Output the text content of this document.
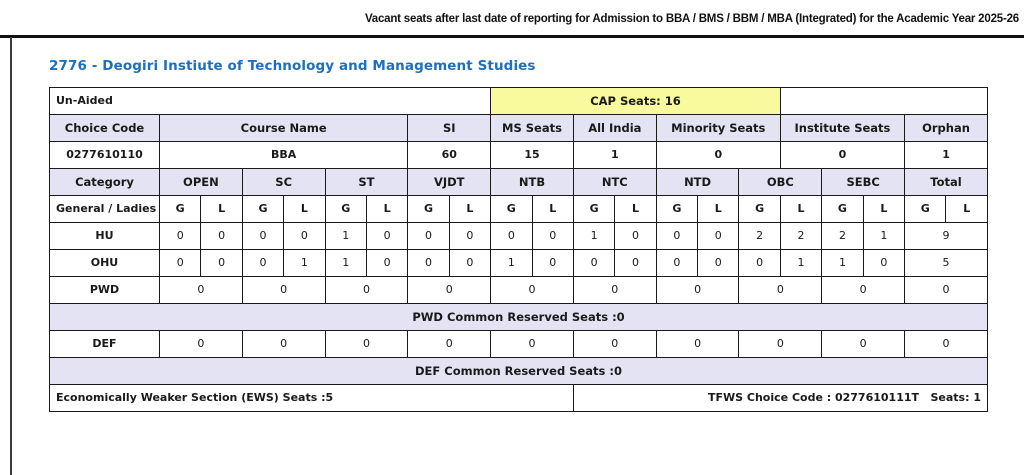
Vacant seats after last date of reporting for Admission to BBA / BMS / BBM / MBA (Integrated) for the Academic Year 2025-26
2776 - Deogiri Instiute of Technology and Management Studies
Un-Aided									CAP Seats: 16											
Choice Code	Course Name						SI		MS Seats		All India		Minority Seats			Institute Seats			Orphan	
0277610110	BBA						60		15		1		0			0			1	
Category	OPEN		SC		ST		VJDT		NTB		NTC		NTD		OBC		SEBC		Total	
General / Ladies	G	L	G	L	G	L	G	L	G	L	G	L	G	L	G	L	G	L	G	L
HU	0	0	0	0	1	0	0	0	0	0	1	0	0	0	2	2	2	1	9	
OHU	0	0	0	1	1	0	0	0	1	0	0	0	0	0	0	1	1	0	5	
PWD	0		0		0		0		0		0		0		0		0		0	
PWD Common Reserved Seats :0																				
DEF	0		0		0		0		0		0		0		0		0		0	
DEF Common Reserved Seats :0																				
Economically Weaker Section (EWS) Seats :5											TFWS Choice Code : 0277610111T   Seats: 1									
